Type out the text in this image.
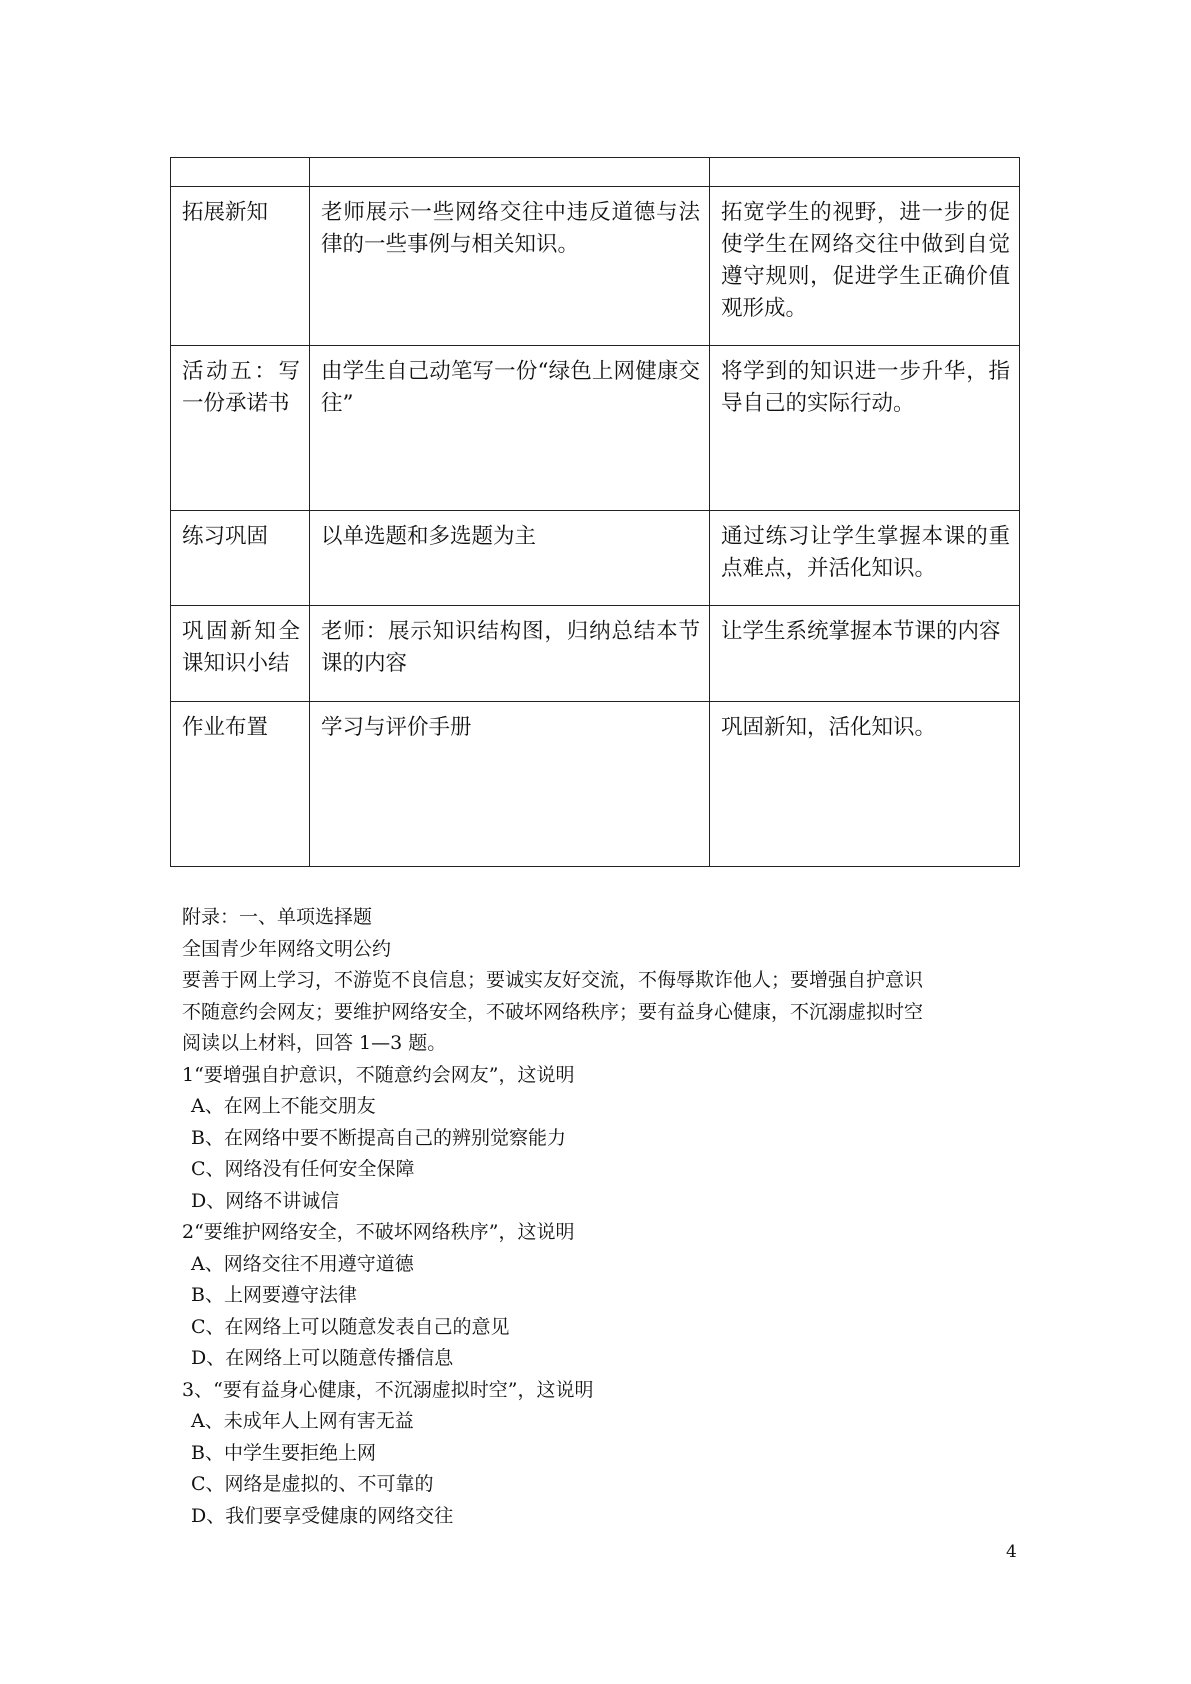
拓展新知	老师展示一些网络交往中违反道德与法律的一些事例与相关知识。	拓宽学生的视野，进一步的促使学生在网络交往中做到自觉遵守规则，促进学生正确价值观形成。
活动五：写一份承诺书	由学生自己动笔写一份“绿色上网健康交往”	将学到的知识进一步升华，指导自己的实际行动。
练习巩固	以单选题和多选题为主	通过练习让学生掌握本课的重点难点，并活化知识。
巩固新知全课知识小结	老师：展示知识结构图，归纳总结本节课的内容	让学生系统掌握本节课的内容
作业布置	学习与评价手册	巩固新知，活化知识。
附录：一、单项选择题
全国青少年网络文明公约
要善于网上学习，不游览不良信息；要诚实友好交流，不侮辱欺诈他人；要增强自护意识
不随意约会网友；要维护网络安全，不破坏网络秩序；要有益身心健康，不沉溺虚拟时空
阅读以上材料，回答 1—3 题。
1“要增强自护意识，不随意约会网友”，这说明
A、在网上不能交朋友
B、在网络中要不断提高自己的辨别觉察能力
C、网络没有任何安全保障
D、网络不讲诚信
2“要维护网络安全，不破坏网络秩序”，这说明
A、网络交往不用遵守道德
B、上网要遵守法律
C、在网络上可以随意发表自己的意见
D、在网络上可以随意传播信息
3、“要有益身心健康，不沉溺虚拟时空”，这说明
A、未成年人上网有害无益
B、中学生要拒绝上网
C、网络是虚拟的、不可靠的
D、我们要享受健康的网络交往
4
